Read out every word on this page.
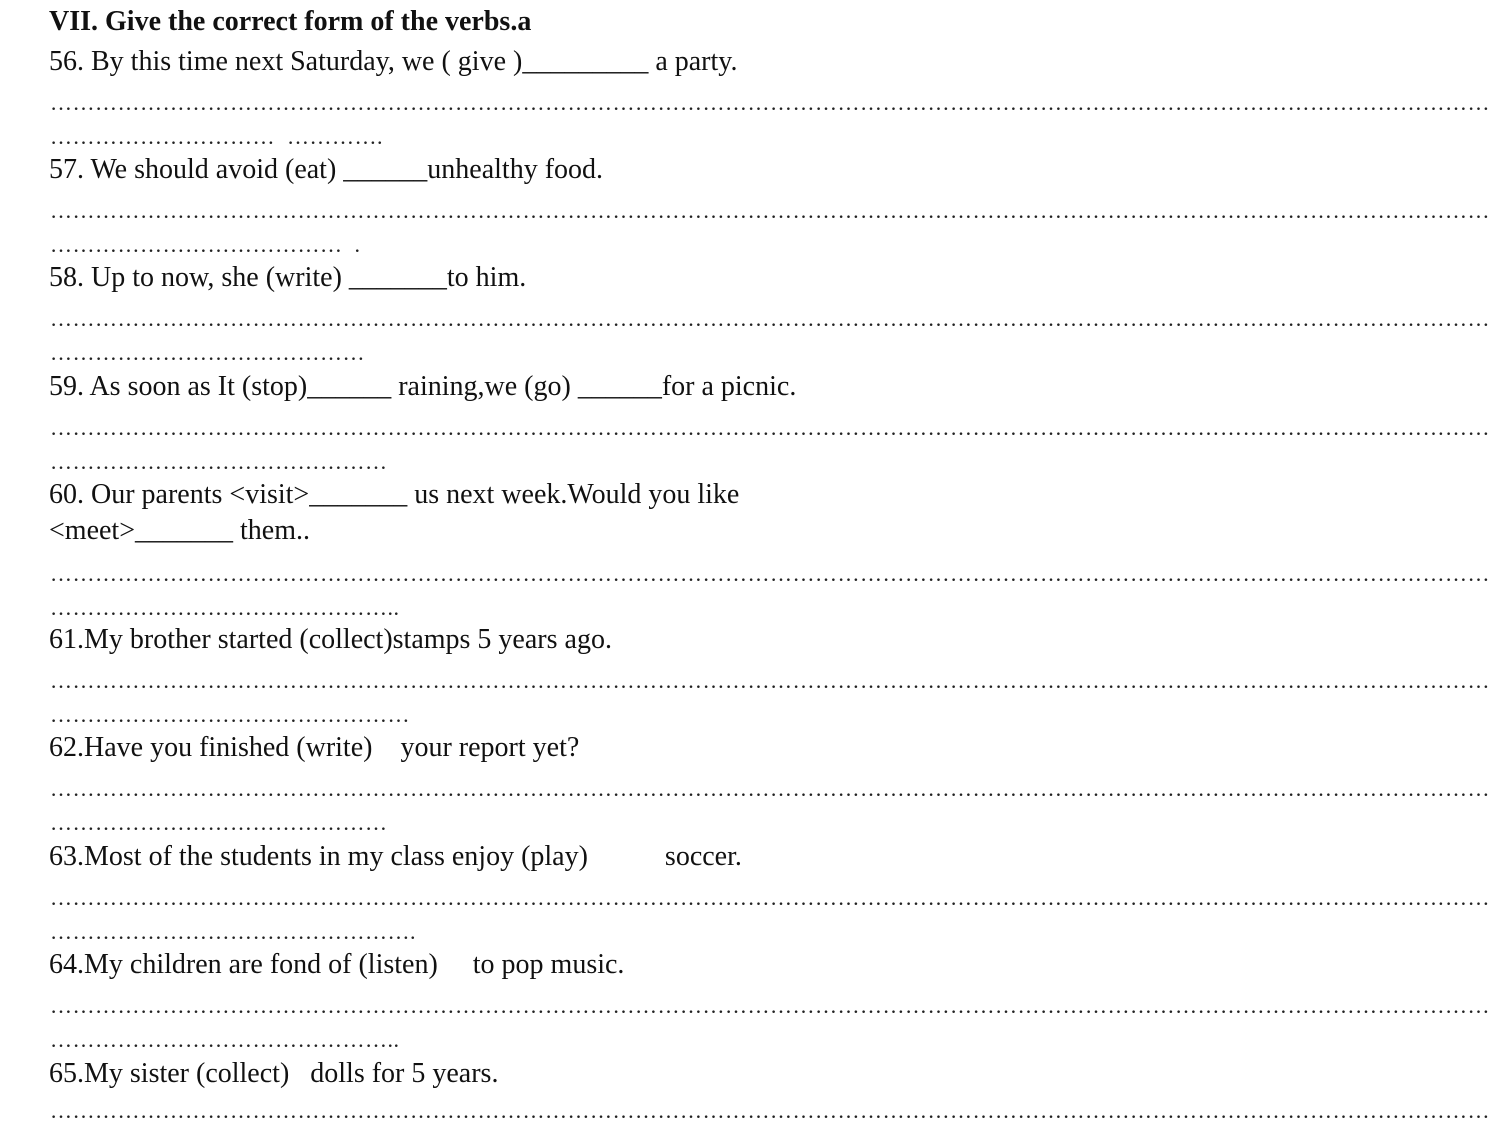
VII. Give the correct form of the verbs.a
56. By this time next Saturday, we ( give )_________ a party.
…………………………………………………………………………………………………………………………………………………………………………
…………………………  ………….
57. We should avoid (eat) ______unhealthy food.
…………………………………………………………………………………………………………………………………………………………………………
…………………………………  .
58. Up to now, she (write) _______to him.
…………………………………………………………………………………………………………………………………………………………………………
……………………………………
59. As soon as It (stop)______ raining,we (go) ______for a picnic.
…………………………………………………………………………………………………………………………………………………………………………
………………………………………
60. Our parents <visit>_______ us next week.Would you like
<meet>_______ them..
…………………………………………………………………………………………………………………………………………………………………………
………………………………………..
61.My brother started (collect)stamps 5 years ago.
…………………………………………………………………………………………………………………………………………………………………………
…………………………………………
62.Have you finished (write)    your report yet?
…………………………………………………………………………………………………………………………………………………………………………
………………………………………
63.Most of the students in my class enjoy (play)           soccer.
…………………………………………………………………………………………………………………………………………………………………………
………………………………………….
64.My children are fond of (listen)     to pop music.
…………………………………………………………………………………………………………………………………………………………………………
………………………………………..
65.My sister (collect)   dolls for 5 years.
…………………………………………………………………………………………………………………………………………………………………………
